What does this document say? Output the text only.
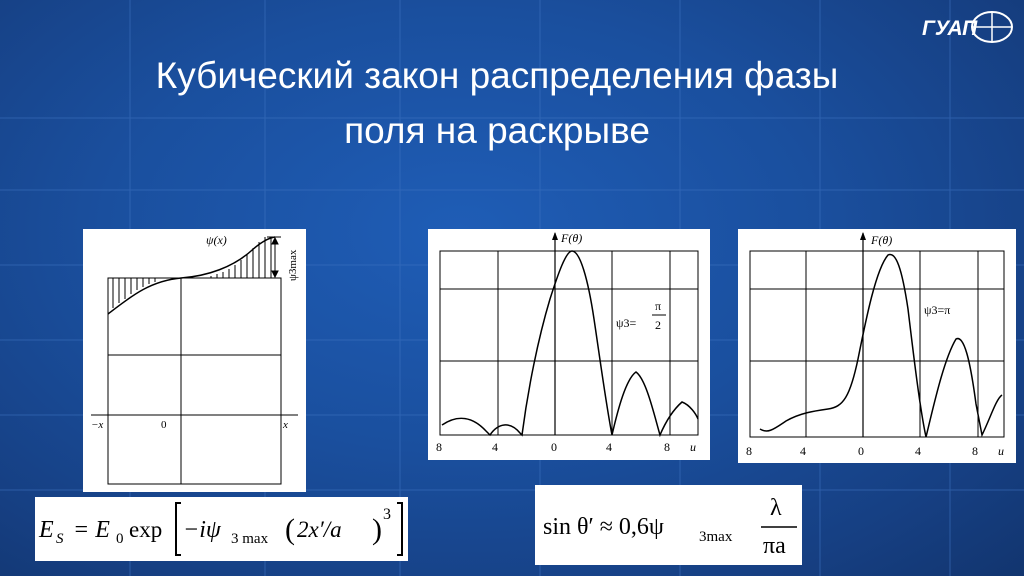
ГУАП
Кубический закон распределения фазы
поля на раскрыве
ψ(x)
ψ3max
−x	0	x
F(θ)
ψ3=
π
2
8	4	0	4	8 u
F(θ)
ψ3=π
8	4	0	4	8 u
E S = E 0 exp −iψ 3 max ( 2x′/a ) 3	sin θ′ ≈ 0,6ψ 3max
λ
πa
